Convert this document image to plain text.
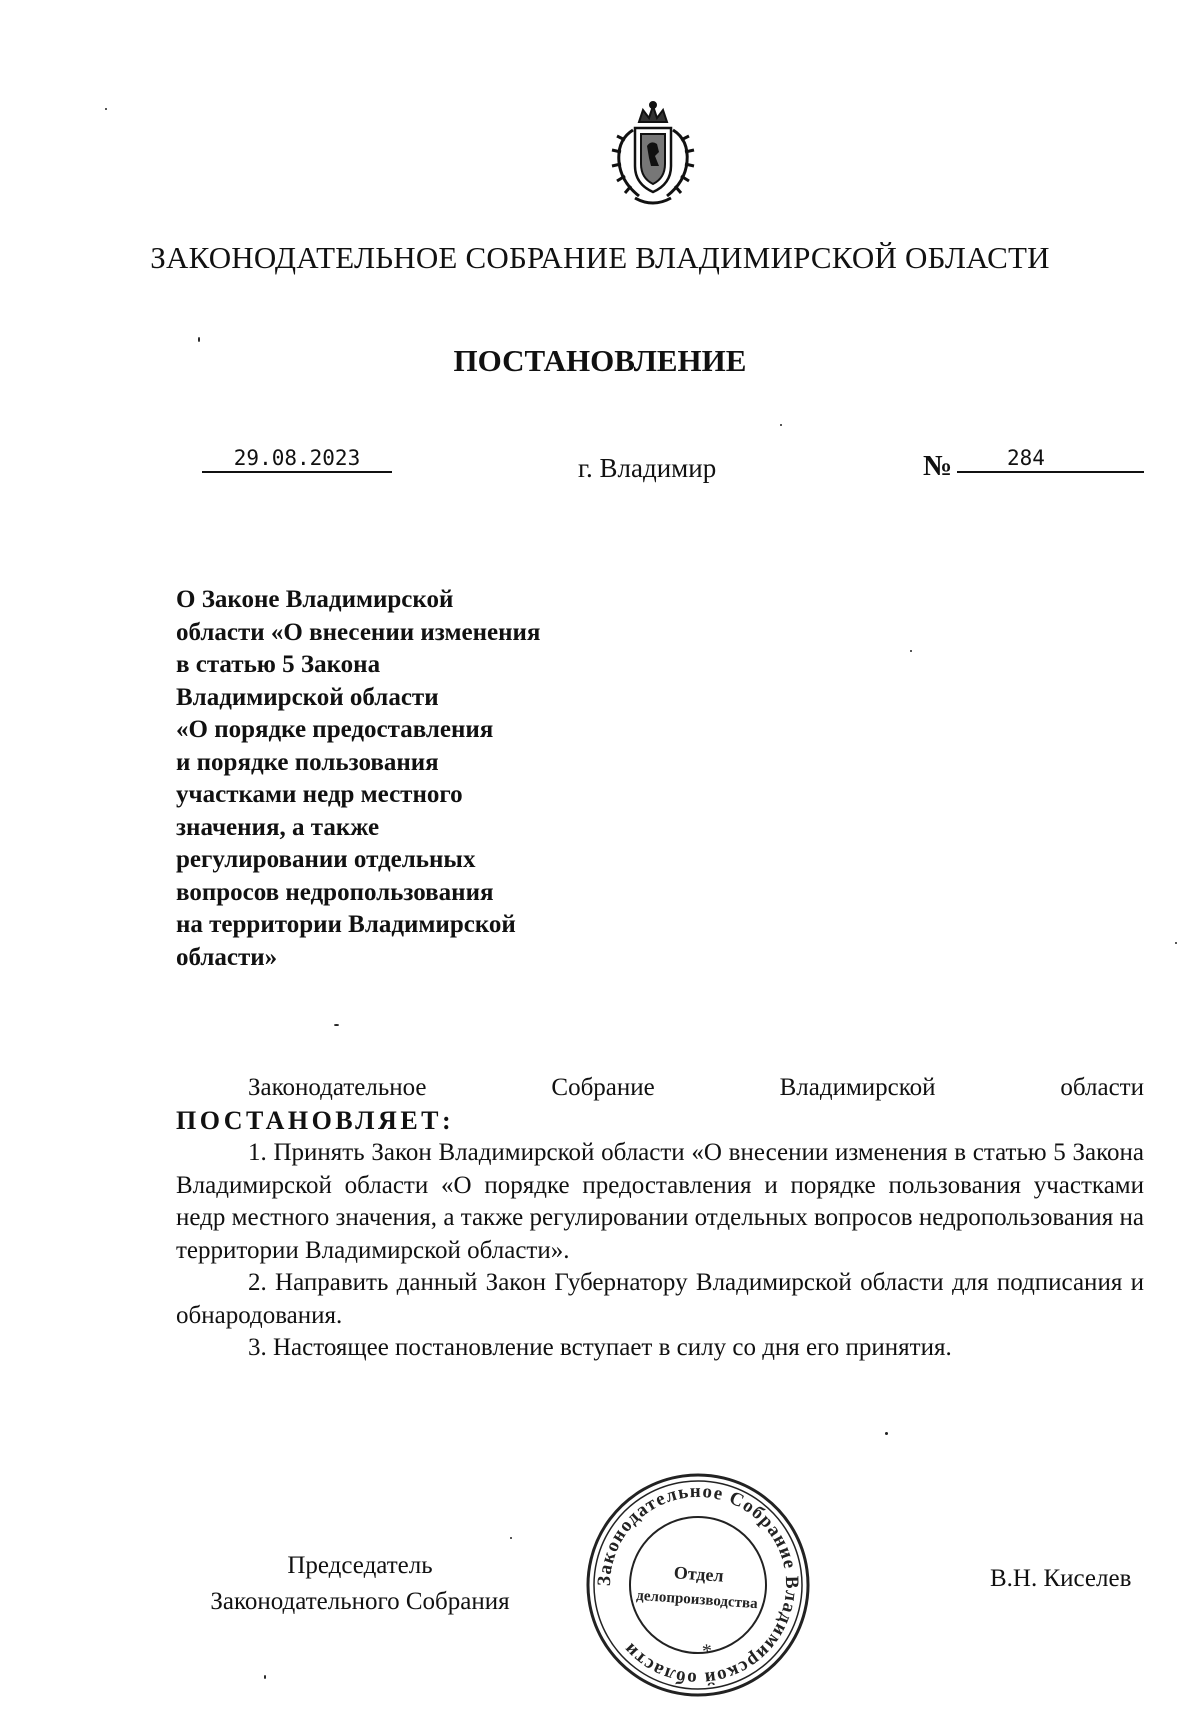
ЗАКОНОДАТЕЛЬНОЕ СОБРАНИЕ ВЛАДИМИРСКОЙ ОБЛАСТИ
ПОСТАНОВЛЕНИЕ
29.08.2023	г. Владимир	№	284
О Законе Владимирской
области «О внесении изменения
в статью 5 Закона
Владимирской области
«О порядке предоставления
и порядке пользования
участками недр местного
значения, а также
регулировании отдельных
вопросов недропользования
на территории Владимирской
области»

Законодательное Собрание Владимирской области

ПОСТАНОВЛЯЕТ:

1. Принять Закон Владимирской области «О внесении изменения в статью 5 Закона Владимирской области «О порядке предоставления и порядке пользования участками недр местного значения, а также регулировании отдельных вопросов недропользования на территории Владимирской области».

2. Направить данный Закон Губернатору Владимирской области для подписания и обнародования.

3. Настоящее постановление вступает в силу со дня его принятия.

Председатель
Законодательного Собрания
Законодательное Собрание Владимирской области	*
Отдел
делопроизводства
В.Н. Киселев
